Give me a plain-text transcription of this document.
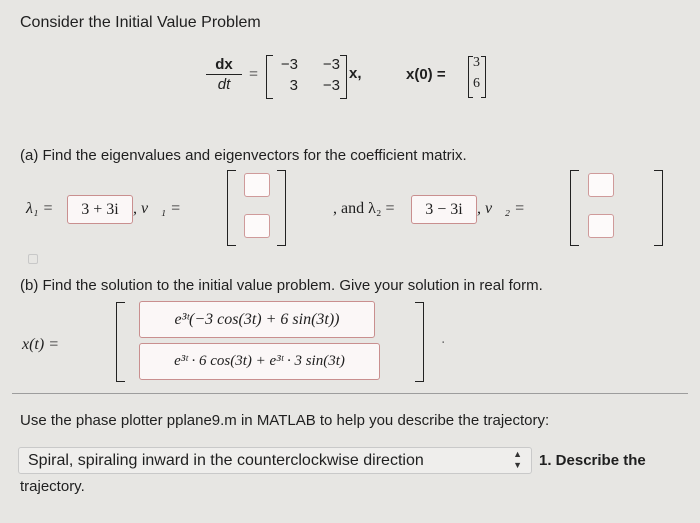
Consider the Initial Value Problem
$\frac{dx}{dt}$ =
−3	−3
3	−3
x,	x(0) =
3
6
(a) Find the eigenvalues and eigenvectors for the coefficient matrix.
λ₁ =	3 + 3i , v⃗₁ =	, and λ₂ =	3 − 3i , v⃗₂ =
(b) Find the solution to the initial value problem. Give your solution in real form.
x(t) =
e³ᵗ(−3 cos(3t) + 6 sin(3t))
e³ᵗ · 6 cos(3t) + e³ᵗ · 3 sin(3t)
.
Use the phase plotter pplane9.m in MATLAB to help you describe the trajectory:
Spiral, spiraling inward in the counterclockwise direction	▲
▼ 1. Describe the
trajectory.
